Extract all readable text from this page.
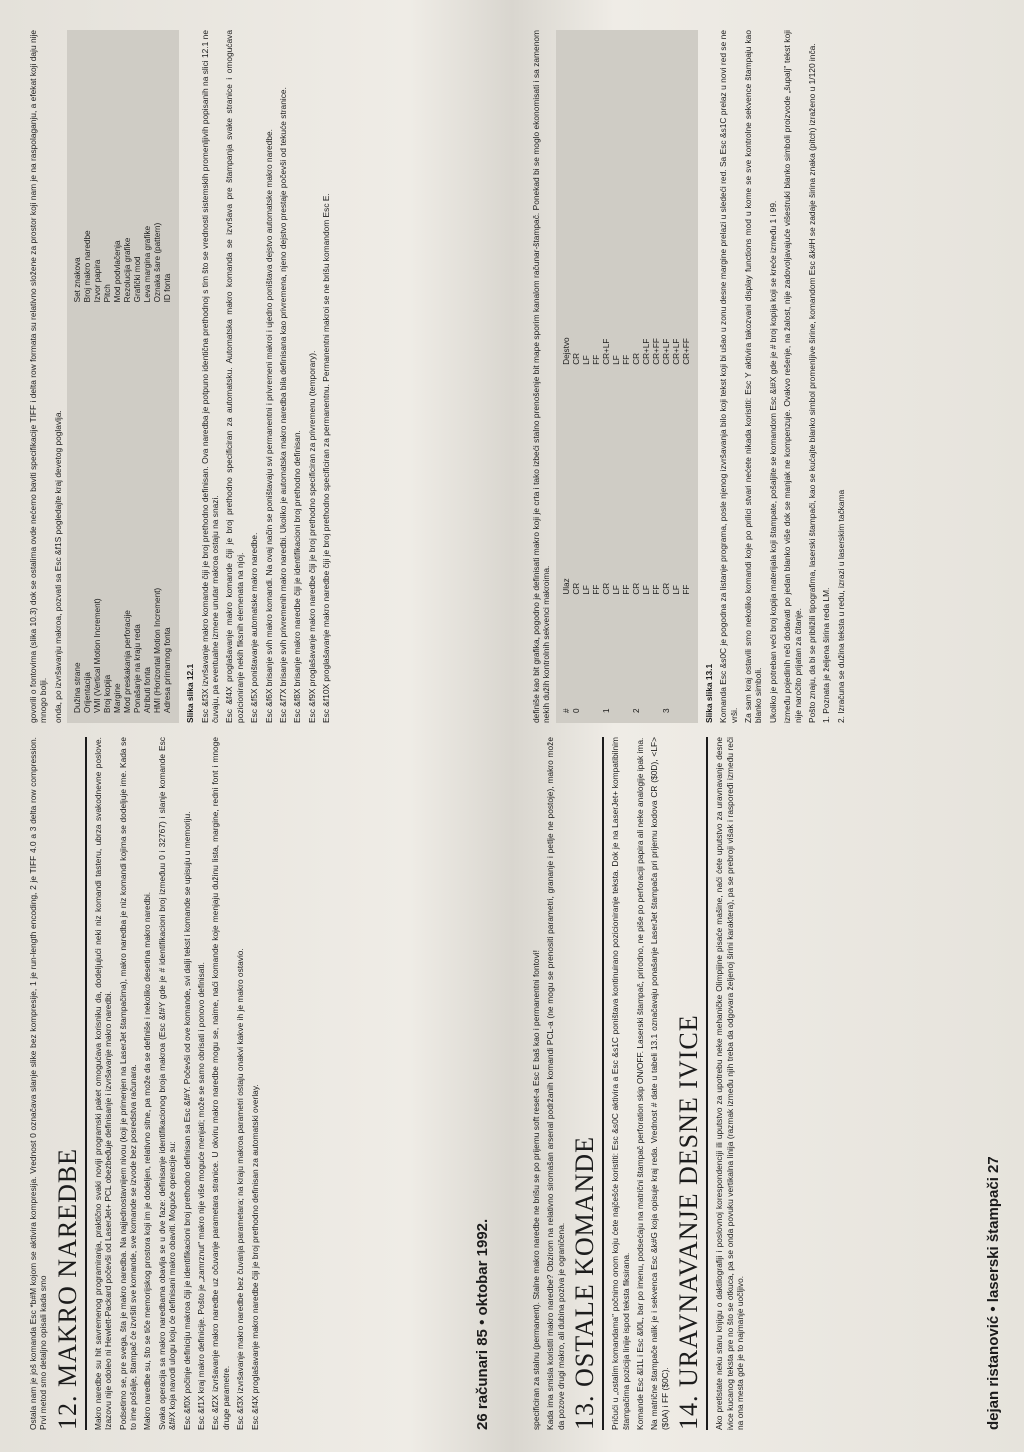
Ostala nam je još komanda Esc *b#M kojom se aktivira kompresija. Vrednost 0 označava slanje slike bez kompresije, 1 je run-length encoding, 2 je TIFF 4.0 a 3 delta row compression. Prvi metod smo detaljno opisali kada smo 12. MAKRO NAREDBE	Makro naredbe su hit savremenog programiranja, praktično svaki noviji programski paket omogućava korisniku da, dodeljujući neki niz komandi tasteru, ubrza svakodnevne poslove. Izazovu nije odoleo ni Hewlett-Packard počevši od LaserJet+ PCL obezbeđuje definisanje i izvršavanje makro naredbi. Podsetimo se, pre svega, šta je makro naredba. Na najjednostavnijem nivou (koji je primenjen na LaserJet štampačima), makro naredba je niz komandi kojima se dodeljuje ime. Kada se to ime pošalje, štampač će izvršiti sve komande, sve komande se izvode bez posredstva računara. Makro naredbe su, što se tiče memorijskog prostora koji im je dodeljen, relativno sitne, pa može da se definiše i nekoliko desetina makro naredbi. Svaka operacija sa makro naredbama obavlja se u dve faze: definisanje identifikacionog broja makroa (Esc &f#Y gde je # identifikacioni broj izmeđuu 0 i 32767) i slanje komande Esc &f#X koja navodi ulogu koju će definisani makro obaviti. Moguće operacije su: Esc &f0X počinje definiciju makroa čiji je identifikacioni broj prethodno definisan sa Esc &f#Y. Počevši od ove komande, svi dalji tekst i komande se upisuju u memoriju. Esc &f1X kraj makro definicije. Pošto je „zamrznut" makro nije više moguće menjati; može se samo obrisati i ponovo definisati. Esc &f2X izvršavanje makro naredbe uz očuvanje parametara stranice. U okviru makro naredbe mogu se, naime, naći komande koje menjaju dužinu lista, margine, redni font i mnoge druge parametre. Esc &f3X izvršavanje makro naredbe bez čuvanja parametara; na kraju makroa parametri ostaju onakvi kakve ih je makro ostavio. Esc &f4X proglašavanje makro naredbe čiji je broj prethodno definisan za automatski overlay.

govorili o fontovima (slika 10.3) dok se ostalima ovde nećemo baviti specifikacije TIFF i delta row formata su relativno složene za prostor koji nam je na raspolaganju, a efekat koji daju nije mnogo bolji. onda, po izvršavanju makroa, pozvati sa Esc &f1S pogledajte kraj devetog poglavlja. Dužina strane	Set znakova
Orijentacija	Broj makro naredbe
VMI (Vertical Motion Increment)	Izvor papira
Broj kopija	Pitch
Margine	Mod podvlačenja
Mod preskakanja perforacije	Rezolucija grafike
Ponašanje na kraju reda	Grafički mod
Atributi fonta	Leva margina grafike
HMI (Horizontal Motion Increment)	Oznaka šare (pattern)
Adresa primarnog fonta	ID fonta
Slika slika 12.1 Esc &f3X izvršavanje makro komande čiji je broj prethodno definisan. Ova naredba je potpuno identična prethodnoj s tim što se vrednosti sistemskih promenljivih popisanih na slici 12.1 ne čuvaju, pa eventualne izmene unutar makroa ostaju na snazi. Esc &f4X proglašavanje makro komande čiji je broj prethodno specificiran za automatsku. Automatska makro komanda se izvršava pre štampanja svake stranice i omogućava pozicioniranje nekih fiksnih elemenata na njoj. Esc &f5X poništavanje automatske makro naredbe. Esc &f6X brisanje svih makro komandi. Na ovaj način se poništavaju svi permanentni i privremeni makroi i ujedno poništava dejstvo automatske makro naredbe. Esc &f7X brisanje svih privremenih makro naredbi. Ukoliko je automatska makro naredba bila definisana kao privremena, njeno dejstvo prestaje počevši od tekuće stranice. Esc &f8X brisanje makro naredbe čiji je identifikacioni broj prethodno definisan. Esc &f9X proglašavanje makro naredbe čiji je broj prethodno specificiran za privremenu (temporary). Esc &f10X proglašavanje makro naredbe čiji je broj prethodno specificiran za permanentnu. Permanentni makroi se ne brišu komandom Esc E.

26 računari 85 • oktobar 1992.	specificiran za stalnu (permanent). Stalne makro naredbe ne brišu se po prijemu soft reset-a Esc E baš kao i permanentni fontovi! Kada ima smisla koristiti makro naredbe? Obzirom na relativno siromašan arsenal podržanih komandi PCL-a (ne mogu se prenositi parametri, grananje i petlje ne postoje), makro može da pozove drugi makro, ali dubina poziva je ograničena. 13. OSTALE KOMANDE	Pričući u „ostalim komandama" počnimo onom koju ćete najčešće koristiti: Esc &s0C aktivira a Esc &s1C poništava kontinuirano pozicioniranje teksta. Dok je na LaserJet+ kompatibilnim štampačima pozicija linije ispod teksta fiksirana. Komande Esc &l1L i Esc &l0L, bar po imenu, podsećaju na matrični štampač perforation skip ON/OFF. Laserski štampač, prirodno, ne piše po perforaciji papira ali neke analogije ipak ima. Na matrične štampače nalik je i sekvenca Esc &k#G koja opisuje kraj reda. Vrednost # date u tabeli 13.1 označavaju ponašanje LaserJet štampača pri prijemu kodova CR ($0D), <LF> ($0A) i FF ($0C). 14. URAVNAVANJE DESNE IVICE	Ako pretlstate neku staru knjigu o daktilografiji i poslovnoj korespondenciji ili uputstvo za upotrebu neke mehaničke Olimpijine pisaće mašine, naći ćete uputstvo za uravnavanje desne ivice kucanog teksta pre no što se otkuca, pa se onda povuku vertikalna linija (razmak između njih treba da odgovara željenoj širini karaktera), pa se prebroji višak i raspoređi između reči na ona mesta gde je to najmanje uočljivo.

definiše kao bit grafika, pogodno je definisati makro koji je crta i tako izbeći stalno prenošenje bit mape sporim kanalom računar-štampač. Ponekad bi se moglo ekonomisati i sa zamenom nekih dužih kontrolnih sekvenci makroima. #	Ulaz	Dejstvo
0	CR	CR
	LF	LF
	FF	FF
1	CR	CR+LF
	LF	LF
	FF	FF
2	CR	CR
	LF	CR+LF
	FF	CR+FF
3	CR	CR+LF
	LF	CR+LF
	FF	CR+FF
Slika slika 13.1 Komanda Esc &s0C je pogodna za listanje programa, posle njenog izvršavanja bilo koji tekst koji bi ušao u zonu desne margine prelazi u sledeći red. Sa Esc &s1C prelaz u novi red se ne vrši. Za sam kraj ostavili smo nekoliko komandi koje po prilici stvari nećete nikada koristiti: Esc Y aktivira takozvani display functions mod u kome se sve kontrolne sekvence štampaju kao blanko simboli. Ukoliko je potreban veći broj kopija materijala koji štampate, pošaljite se komandom Esc &l#X gde je # broj kopija koji se kreće između 1 i 99. između pojedinih reči dodavati po jedan blanko više dok se manjak ne kompenzuje. Ovakvo rešenje, na žalost, nije zadovoljavajuće višestruki blanko simboli proizvode „šupalj" tekst koji nije naročito prijatan za čitanje. Pošto znaju, da bi se približili tipografima, laserski štampači, kao se kućajte blanko simbol promenljive širine, komandom Esc &k#H se zadaje širina znaka (pitch) izraženo u 1/120 inča. 1. Poznata je željena širina reda LM. 2. Izračuna se dužina teksta u redu, izrazi u laserskim tačkama

dejan ristanović • laserski štampači 27
